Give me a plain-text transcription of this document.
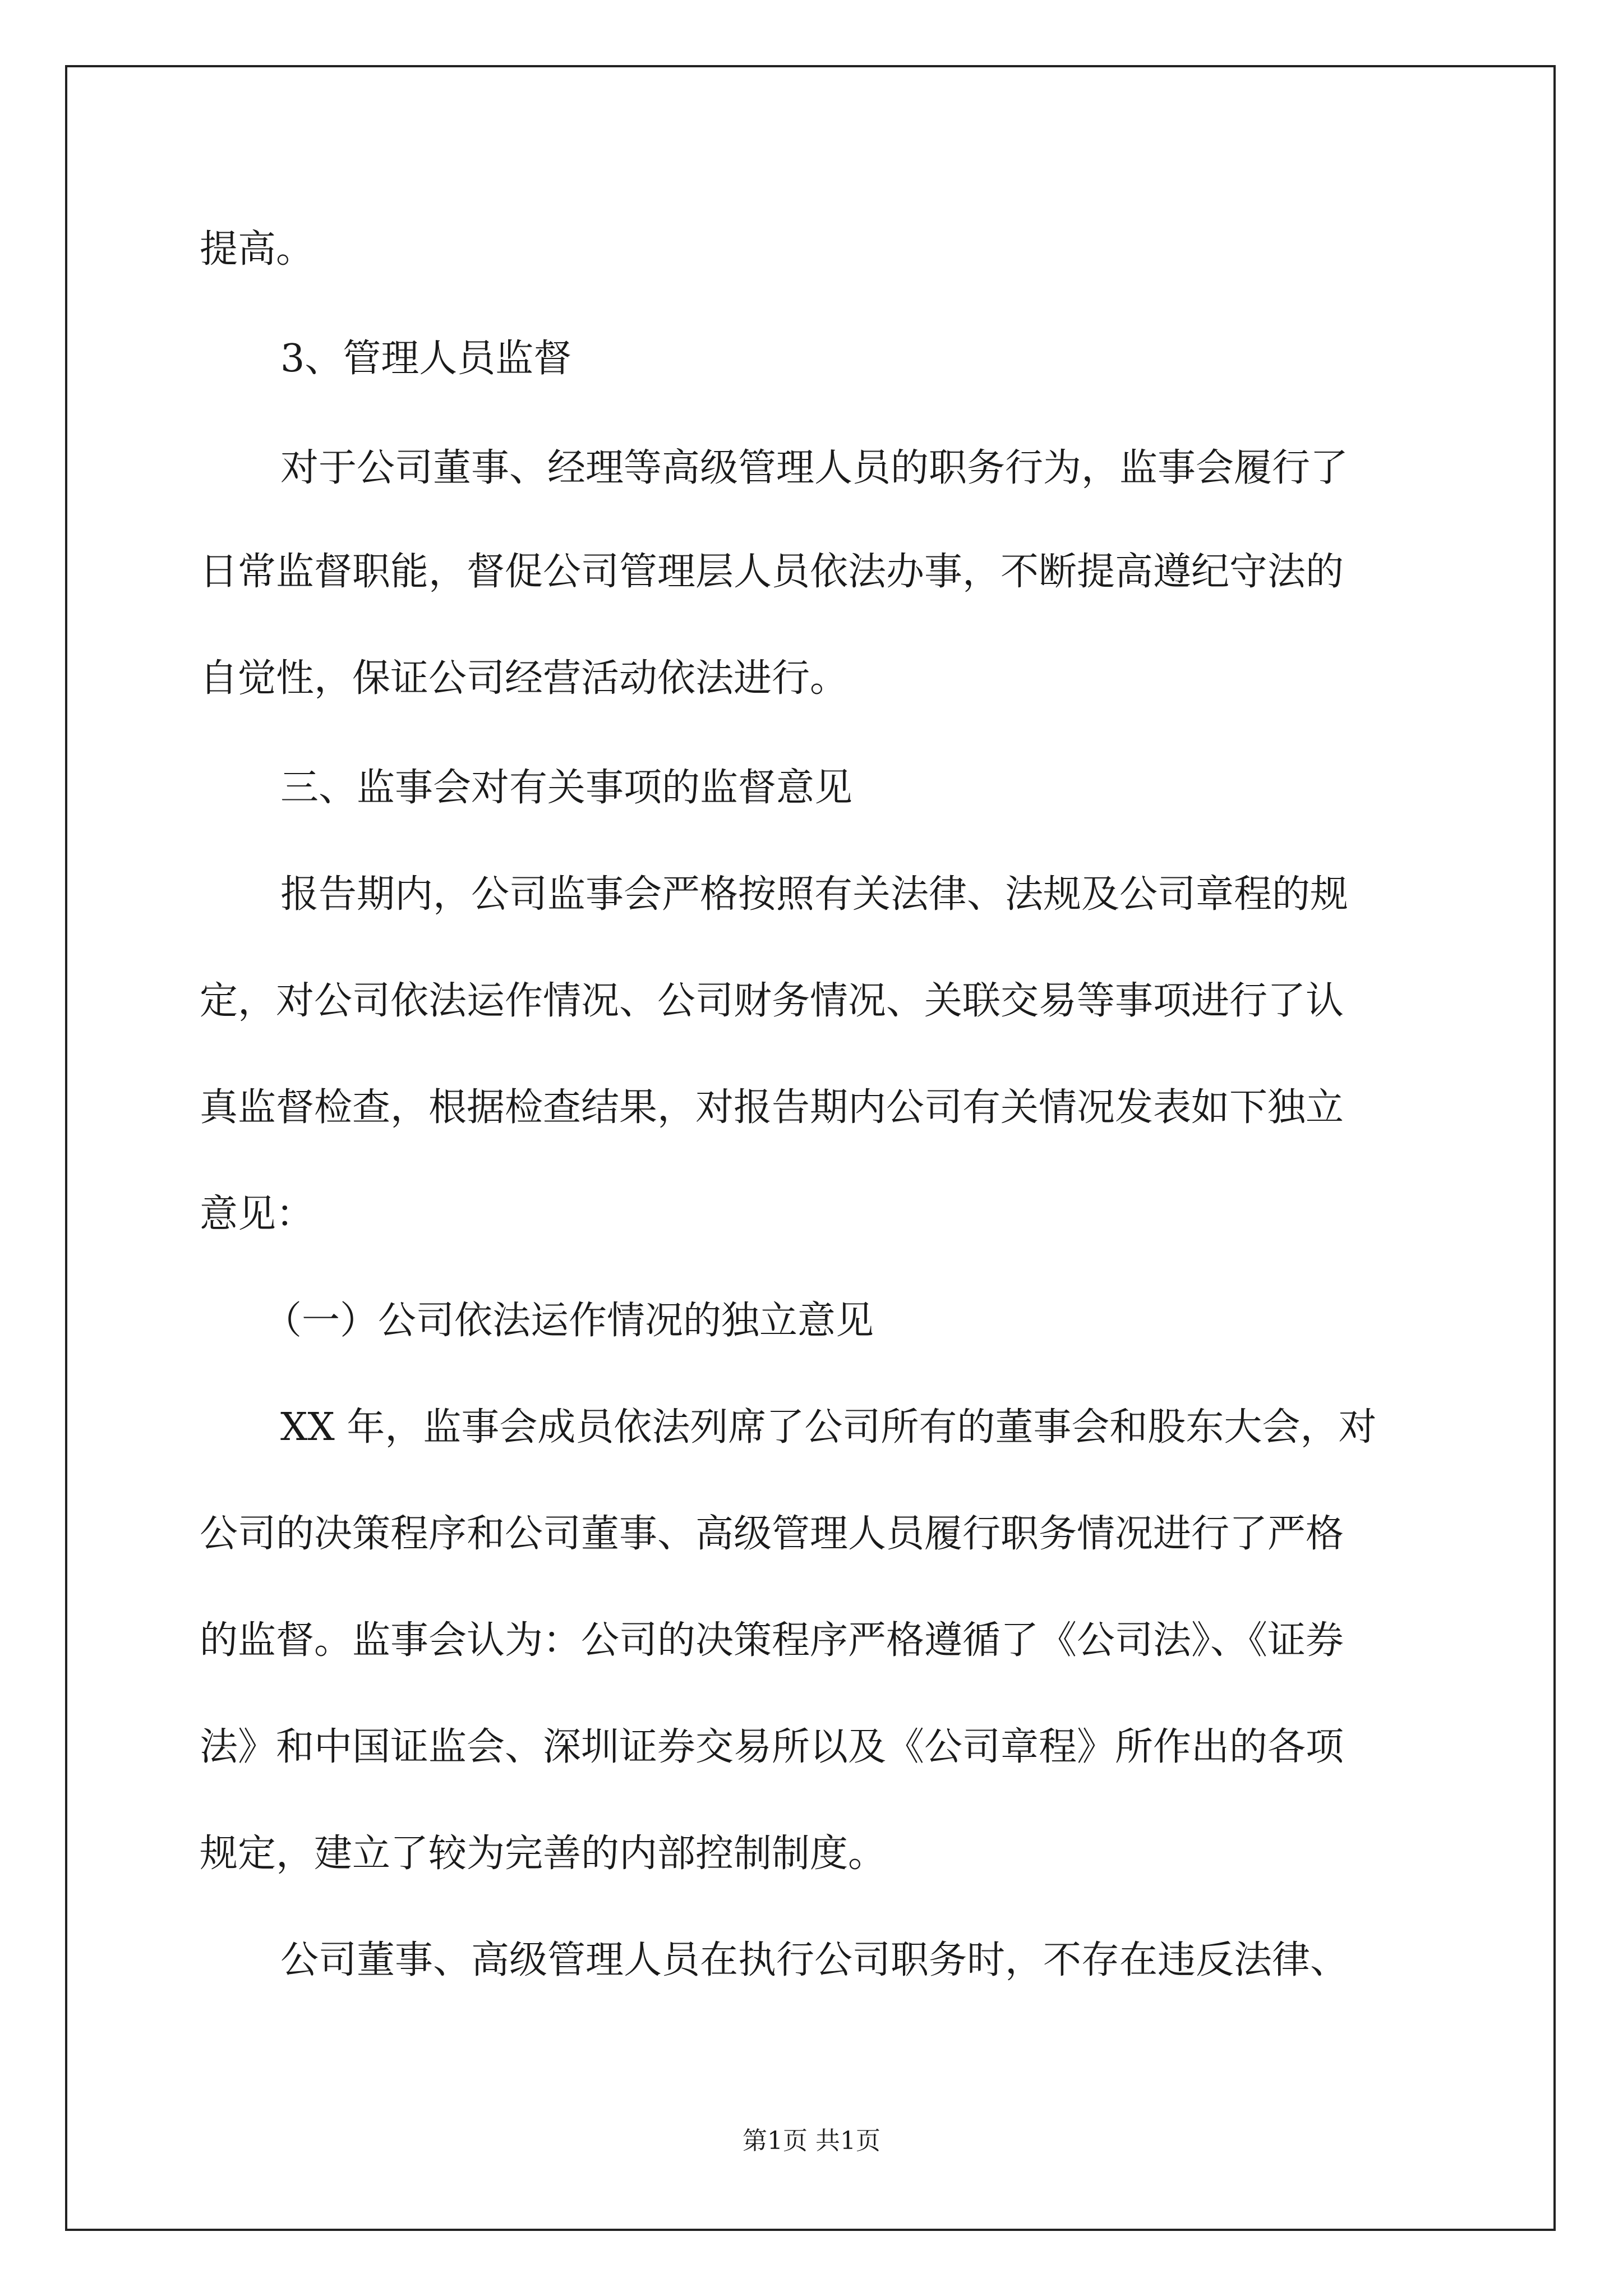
提高。
3、管理人员监督
对于公司董事、经理等高级管理人员的职务行为，监事会履行了
日常监督职能，督促公司管理层人员依法办事，不断提高遵纪守法的
自觉性，保证公司经营活动依法进行。
三、监事会对有关事项的监督意见
报告期内，公司监事会严格按照有关法律、法规及公司章程的规
定，对公司依法运作情况、公司财务情况、关联交易等事项进行了认
真监督检查，根据检查结果，对报告期内公司有关情况发表如下独立
意见：
（一）公司依法运作情况的独立意见
XX 年，监事会成员依法列席了公司所有的董事会和股东大会，对
公司的决策程序和公司董事、高级管理人员履行职务情况进行了严格
的监督。监事会认为：公司的决策程序严格遵循了《公司法》、《证券
法》和中国证监会、深圳证券交易所以及《公司章程》所作出的各项
规定，建立了较为完善的内部控制制度。
公司董事、高级管理人员在执行公司职务时，不存在违反法律、
第1页 共1页
